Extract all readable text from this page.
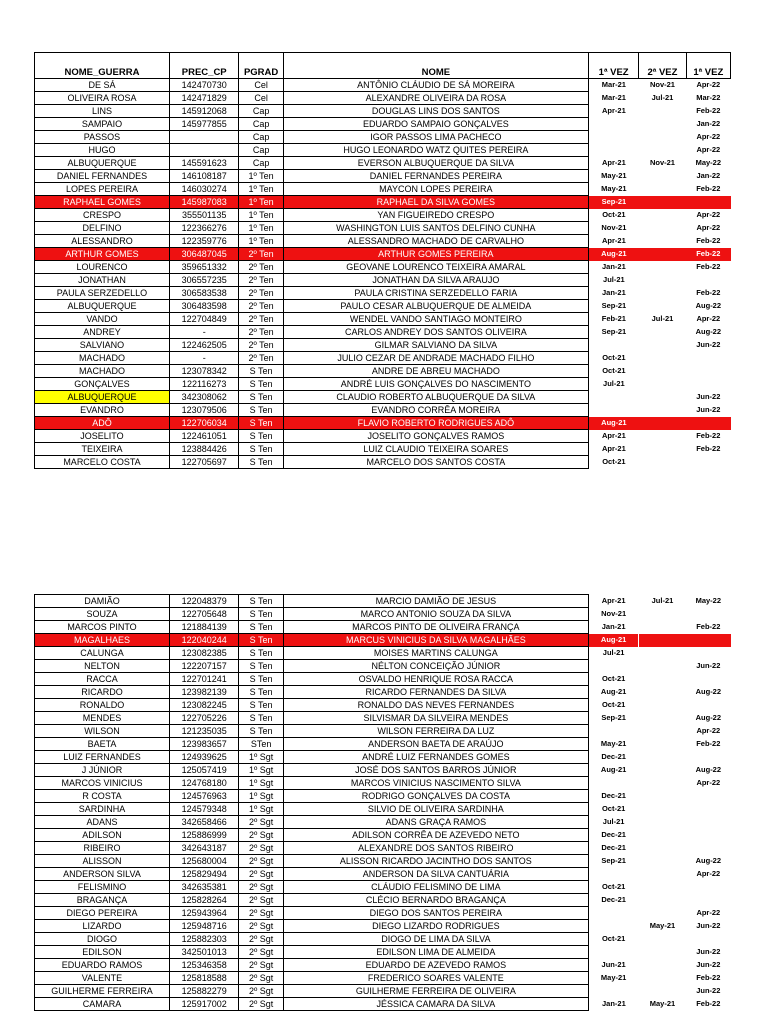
NOME_GUERRA	PREC_CP	PGRAD	NOME	1ª VEZ	2ª VEZ	1ª VEZ
DE SÁ	142470730	Cel	ANTÔNIO CLÁUDIO DE SÁ MOREIRA	Mar-21	Nov-21	Apr-22
OLIVEIRA ROSA	142471829	Cel	ALEXANDRE OLIVEIRA DA ROSA	Mar-21	Jul-21	Mar-22
LINS	145912068	Cap	DOUGLAS LINS DOS SANTOS	Apr-21		Feb-22
SAMPAIO	145977855	Cap	EDUARDO SAMPAIO GONÇALVES			Jan-22
PASSOS		Cap	IGOR PASSOS LIMA PACHECO			Apr-22
HUGO		Cap	HUGO LEONARDO WATZ QUITES PEREIRA			Apr-22
ALBUQUERQUE	145591623	Cap	EVERSON ALBUQUERQUE DA SILVA	Apr-21	Nov-21	May-22
DANIEL FERNANDES	146108187	1º Ten	DANIEL FERNANDES PEREIRA	May-21		Jan-22
LOPES PEREIRA	146030274	1º Ten	MAYCON LOPES PEREIRA	May-21		Feb-22
RAPHAEL GOMES	145987083	1º Ten	RAPHAEL DA SILVA GOMES	Sep-21		
CRESPO	355501135	1º Ten	YAN FIGUEIREDO CRESPO	Oct-21		Apr-22
DELFINO	122366276	1º Ten	WASHINGTON LUIS SANTOS DELFINO CUNHA	Nov-21		Apr-22
ALESSANDRO	122359776	1º Ten	ALESSANDRO MACHADO DE CARVALHO	Apr-21		Feb-22
ARTHUR GOMES	306487045	2º Ten	ARTHUR GOMES PEREIRA	Aug-21		Feb-22
LOURENCO	359651332	2º Ten	GEOVANE LOURENCO TEIXEIRA AMARAL	Jan-21		Feb-22
JONATHAN	306557235	2º Ten	JONATHAN DA SILVA ARAUJO	Jul-21		
PAULA SERZEDELLO	306583538	2º Ten	PAULA CRISTINA SERZEDELLO FARIA	Jan-21		Feb-22
ALBUQUERQUE	306483598	2º Ten	PAULO CESAR ALBUQUERQUE DE ALMEIDA	Sep-21		Aug-22
VANDO	122704849	2º Ten	WENDEL VANDO SANTIAGO MONTEIRO	Feb-21	Jul-21	Apr-22
ANDREY	-	2º Ten	CARLOS ANDREY DOS SANTOS OLIVEIRA	Sep-21		Aug-22
SALVIANO	122462505	2º Ten	GILMAR SALVIANO DA SILVA			Jun-22
MACHADO	-	2º Ten	JULIO CEZAR DE ANDRADE MACHADO FILHO	Oct-21		
MACHADO	123078342	S Ten	ANDRE DE ABREU MACHADO	Oct-21		
GONÇALVES	122116273	S Ten	ANDRÉ LUIS GONÇALVES DO NASCIMENTO	Jul-21		
ALBUQUERQUE	342308062	S Ten	CLAUDIO ROBERTO ALBUQUERQUE DA SILVA			Jun-22
EVANDRO	123079506	S Ten	EVANDRO CORRÊA MOREIRA			Jun-22
ADÔ	122706034	S Ten	FLAVIO ROBERTO RODRIGUES ADÔ	Aug-21		
JOSELITO	122461051	S Ten	JOSELITO GONÇALVES RAMOS	Apr-21		Feb-22
TEIXEIRA	123884426	S Ten	LUIZ CLAUDIO TEIXEIRA SOARES	Apr-21		Feb-22
MARCELO COSTA	122705697	S Ten	MARCELO DOS SANTOS COSTA	Oct-21		
DAMIÃO	122048379	S Ten	MARCIO DAMIÃO DE JESUS	Apr-21	Jul-21	May-22
SOUZA	122705648	S Ten	MARCO ANTONIO SOUZA DA SILVA	Nov-21		
MARCOS PINTO	121884139	S Ten	MARCOS PINTO DE OLIVEIRA FRANÇA	Jan-21		Feb-22
MAGALHAES	122040244	S Ten	MARCUS VINICIUS DA SILVA MAGALHÃES	Aug-21		
CALUNGA	123082385	S Ten	MOISES MARTINS CALUNGA	Jul-21		
NELTON	122207157	S Ten	NÉLTON CONCEIÇÃO JÚNIOR			Jun-22
RACCA	122701241	S Ten	OSVALDO HENRIQUE ROSA RACCA	Oct-21		
RICARDO	123982139	S Ten	RICARDO FERNANDES DA SILVA	Aug-21		Aug-22
RONALDO	123082245	S Ten	RONALDO DAS NEVES FERNANDES	Oct-21		
MENDES	122705226	S Ten	SILVISMAR DA SILVEIRA MENDES	Sep-21		Aug-22
WILSON	121235035	S Ten	WILSON FERREIRA DA LUZ			Apr-22
BAETA	123983657	STen	ANDERSON BAETA DE ARAÚJO	May-21		Feb-22
LUIZ FERNANDES	124939625	1º Sgt	ANDRÉ LUIZ FERNANDES GOMES	Dec-21		
J JÚNIOR	125057419	1º Sgt	JOSÉ DOS SANTOS BARROS JÚNIOR	Aug-21		Aug-22
MARCOS VINICIUS	124768180	1º Sgt	MARCOS VINICIUS NASCIMENTO SILVA			Apr-22
R COSTA	124576963	1º Sgt	RODRIGO GONÇALVES DA COSTA	Dec-21		
SARDINHA	124579348	1º Sgt	SILVIO DE OLIVEIRA SARDINHA	Oct-21		
ADANS	342658466	2º Sgt	ADANS GRAÇA RAMOS	Jul-21		
ADILSON	125886999	2º Sgt	ADILSON CORRÊA DE AZEVEDO NETO	Dec-21		
RIBEIRO	342643187	2º Sgt	ALEXANDRE DOS SANTOS RIBEIRO	Dec-21		
ALISSON	125680004	2º Sgt	ALISSON RICARDO JACINTHO DOS SANTOS	Sep-21		Aug-22
ANDERSON SILVA	125829494	2º Sgt	ANDERSON DA SILVA CANTUÁRIA			Apr-22
FELISMINO	342635381	2º Sgt	CLÁUDIO FELISMINO DE LIMA	Oct-21		
BRAGANÇA	125828264	2º Sgt	CLÉCIO BERNARDO BRAGANÇA	Dec-21		
DIEGO PEREIRA	125943964	2º Sgt	DIEGO DOS SANTOS PEREIRA			Apr-22
LIZARDO	125948716	2º Sgt	DIEGO LIZARDO RODRIGUES		May-21	Jun-22
DIOGO	125882303	2º Sgt	DIOGO DE LIMA DA SILVA	Oct-21		
EDILSON	342501013	2º Sgt	EDILSON LIMA DE ALMEIDA			Jun-22
EDUARDO RAMOS	125346358	2º Sgt	EDUARDO DE AZEVEDO RAMOS	Jun-21		Jun-22
VALENTE	125818588	2º Sgt	FREDERICO SOARES VALENTE	May-21		Feb-22
GUILHERME FERREIRA	125882279	2º Sgt	GUILHERME FERREIRA DE OLIVEIRA			Jun-22
CAMARA	125917002	2º Sgt	JÉSSICA CAMARA DA SILVA	Jan-21	May-21	Feb-22
